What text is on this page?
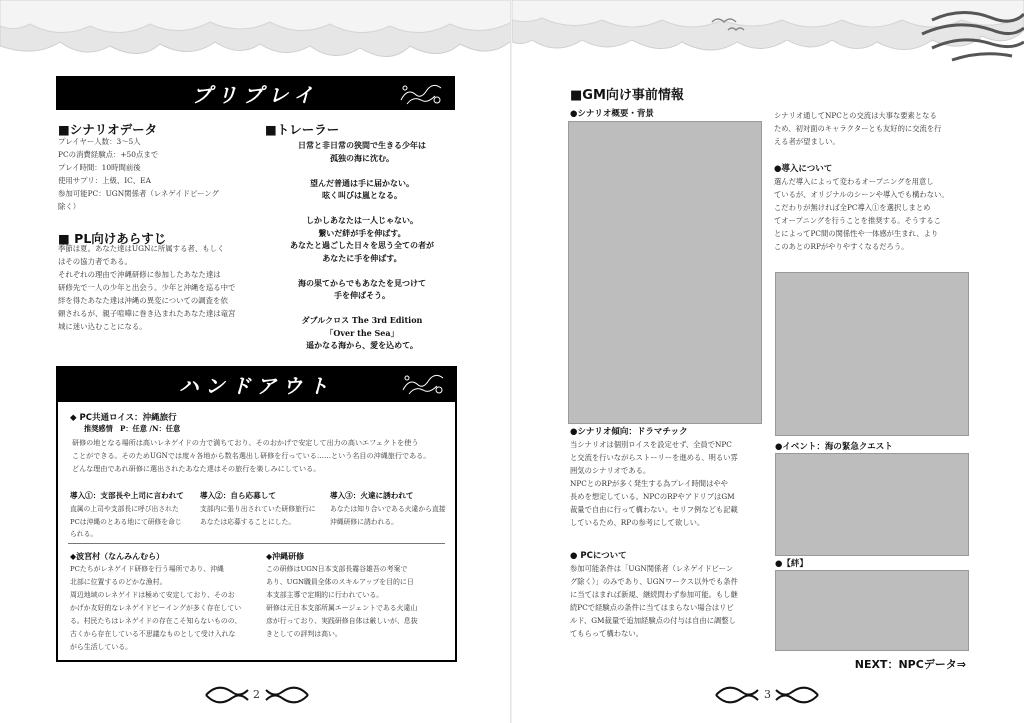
プリプレイ
■シナリオデータ

プレイヤー人数：3〜5人

PCの消費経験点：+50点まで

プレイ時間：10時間前後

使用サプリ：上級、IC、EA

参加可能PC：UGN関係者（レネゲイドビーング

除く）

■ PL向けあらすじ

季節は夏。あなた達はUGNに所属する者、もしく

はその協力者である。

それぞれの理由で沖縄研修に参加したあなた達は

研修先で一人の少年と出会う。少年と沖縄を巡る中で

絆を得たあなた達は沖縄の異変についての調査を依

頼されるが、親子喧嘩に巻き込まれたあなた達は竜宮

城に迷い込むことになる。

■トレーラー

日常と非日常の狭間で生きる少年は

孤独の海に沈む。

望んだ普通は手に届かない。

呟く叫びは嵐となる。

しかしあなたは一人じゃない。

繋いだ絆が手を伸ばす。

あなたと過ごした日々を思う全ての者が

あなたに手を伸ばす。

海の果てからでもあなたを見つけて

手を伸ばそう。

ダブルクロス The 3rd Edition

「Over the Sea」

遥かなる海から、愛を込めて。

ハンドアウト
◆ PC共通ロイス：沖縄旅行
推奨感情　P：任意 /N：任意

研修の地となる場所は高いレネゲイドの力で満ちており、そのおかげで安定して出力の高いエフェクトを使う

ことができる。そのためUGNでは度々各地から数名選出し研修を行っている……という名目の沖縄旅行である。

どんな理由であれ研修に選出されたあなた達はその旅行を楽しみにしている。

導入①：支部長や上司に言われて

直属の上司や支部長に呼び出された

PCは沖縄のとある地にて研修を命じ

られる。

導入②：自ら応募して

支部内に張り出されていた研修旅行に

あなたは応募することにした。

導入③：火違に誘われて

あなたは知り合いである火違から直接

沖縄研修に誘われる。

◆波宮村（なんみんむら）

PCたちがレネゲイド研修を行う場所であり、沖縄

北部に位置するのどかな漁村。

周辺地域のレネゲイドは極めて安定しており、そのお

かげか友好的なレネゲイドビーイングが多く存在してい

る。村民たちはレネゲイドの存在こそ知らないものの、

古くから存在している不思議なものとして受け入れな

がら生活している。

◆沖縄研修

この研修はUGN日本支部長霧谷雄吾の考案で

あり、UGN職員全体のスキルアップを目的に日

本支部主導で定期的に行われている。

研修は元日本支部所属エージェントである火違山

彦が行っており、実践研修自体は厳しいが、息抜

きとしての評判は高い。

2
■GM向け事前情報
●シナリオ概要・背景
●シナリオ傾向：ドラマチック

当シナリオは個別ロイスを設定せず、全員でNPC

と交流を行いながらストーリーを進める、明るい雰

囲気のシナリオである。

NPCとのRPが多く発生する為プレイ時間はやや

長めを想定している。NPCのRPやアドリブはGM

裁量で自由に行って構わない。セリフ例なども記載

しているため、RPの参考にして欲しい。

● PCについて

参加可能条件は「UGN関係者（レネゲイドビーン

グ除く）」のみであり、UGNワークス以外でも条件

に当てはまれば新規、継続問わず参加可能。もし継

続PCで経験点の条件に当てはまらない場合はリビ

ルド、GM裁量で追加経験点の付与は自由に調整し

てもらって構わない。

シナリオ通してNPCとの交流は大事な要素となる

ため、初対面のキャラクターとも友好的に交流を行

える者が望ましい。

●導入について

選んだ導入によって変わるオープニングを用意し

ているが、オリジナルのシーンや導入でも構わない。

こだわりが無ければ全PC導入①を選択しまとめ

てオープニングを行うことを推奨する。そうするこ

とによってPC間の関係性や一体感が生まれ、より

このあとのRPがやりやすくなるだろう。

●イベント：海の緊急クエスト
●【絆】
NEXT：NPCデータ⇒
3
